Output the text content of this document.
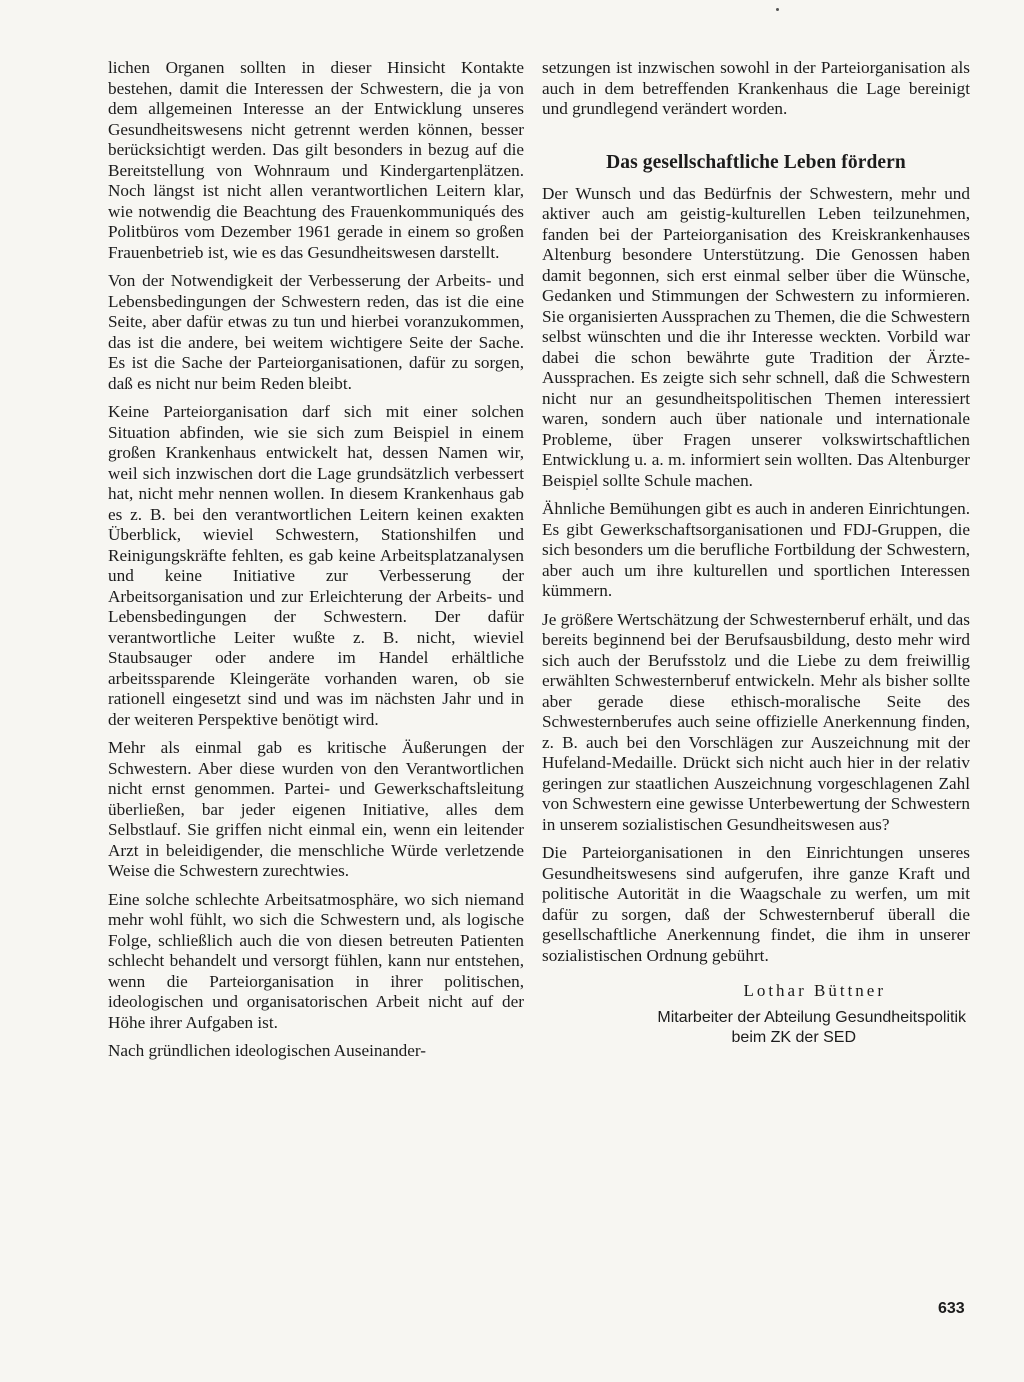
lichen Organen sollten in dieser Hinsicht Kontakte bestehen, damit die Interessen der Schwestern, die ja von dem allgemeinen Interesse an der Entwicklung unseres Gesundheitswesens nicht getrennt werden können, besser berücksichtigt werden. Das gilt besonders in bezug auf die Bereitstellung von Wohnraum und Kindergartenplätzen. Noch längst ist nicht allen verantwortlichen Leitern klar, wie notwendig die Beachtung des Frauenkommuniqués des Politbüros vom Dezember 1961 gerade in einem so großen Frauenbetrieb ist, wie es das Gesundheitswesen darstellt.

Von der Notwendigkeit der Verbesserung der Arbeits- und Lebensbedingungen der Schwestern reden, das ist die eine Seite, aber dafür etwas zu tun und hierbei voranzukommen, das ist die andere, bei weitem wichtigere Seite der Sache. Es ist die Sache der Parteiorganisationen, dafür zu sorgen, daß es nicht nur beim Reden bleibt.

Keine Parteiorganisation darf sich mit einer solchen Situation abfinden, wie sie sich zum Beispiel in einem großen Krankenhaus entwickelt hat, dessen Namen wir, weil sich inzwischen dort die Lage grundsätzlich verbessert hat, nicht mehr nennen wollen. In diesem Krankenhaus gab es z. B. bei den verantwortlichen Leitern keinen exakten Überblick, wieviel Schwestern, Stationshilfen und Reinigungskräfte fehlten, es gab keine Arbeitsplatzanalysen und keine Initiative zur Verbesserung der Arbeitsorganisation und zur Erleichterung der Arbeits- und Lebensbedingungen der Schwestern. Der dafür verantwortliche Leiter wußte z. B. nicht, wieviel Staubsauger oder andere im Handel erhältliche arbeitssparende Kleingeräte vorhanden waren, ob sie rationell eingesetzt sind und was im nächsten Jahr und in der weiteren Perspektive benötigt wird.

Mehr als einmal gab es kritische Äußerungen der Schwestern. Aber diese wurden von den Verantwortlichen nicht ernst genommen. Partei- und Gewerkschaftsleitung überließen, bar jeder eigenen Initiative, alles dem Selbstlauf. Sie griffen nicht einmal ein, wenn ein leitender Arzt in beleidigender, die menschliche Würde verletzende Weise die Schwestern zurechtwies.

Eine solche schlechte Arbeitsatmosphäre, wo sich niemand mehr wohl fühlt, wo sich die Schwestern und, als logische Folge, schließlich auch die von diesen betreuten Patienten schlecht behandelt und versorgt fühlen, kann nur entstehen, wenn die Parteiorganisation in ihrer politischen, ideologischen und organisatorischen Arbeit nicht auf der Höhe ihrer Aufgaben ist.

Nach gründlichen ideologischen Auseinander-

setzungen ist inzwischen sowohl in der Parteiorganisation als auch in dem betreffenden Krankenhaus die Lage bereinigt und grundlegend verändert worden.

Das gesellschaftliche Leben fördern

Der Wunsch und das Bedürfnis der Schwestern, mehr und aktiver auch am geistig-kulturellen Leben teilzunehmen, fanden bei der Parteiorganisation des Kreiskrankenhauses Altenburg besondere Unterstützung. Die Genossen haben damit begonnen, sich erst einmal selber über die Wünsche, Gedanken und Stimmungen der Schwestern zu informieren. Sie organisierten Aussprachen zu Themen, die die Schwestern selbst wünschten und die ihr Interesse weckten. Vorbild war dabei die schon bewährte gute Tradition der Ärzte-Aussprachen. Es zeigte sich sehr schnell, daß die Schwestern nicht nur an gesundheitspolitischen Themen interessiert waren, sondern auch über nationale und internationale Probleme, über Fragen unserer volkswirtschaftlichen Entwicklung u. a. m. informiert sein wollten. Das Altenburger Beispiel sollte Schule machen.

Ähnliche Bemühungen gibt es auch in anderen Einrichtungen. Es gibt Gewerkschaftsorganisationen und FDJ-Gruppen, die sich besonders um die berufliche Fortbildung der Schwestern, aber auch um ihre kulturellen und sportlichen Interessen kümmern.

Je größere Wertschätzung der Schwesternberuf erhält, und das bereits beginnend bei der Berufsausbildung, desto mehr wird sich auch der Berufsstolz und die Liebe zu dem freiwillig erwählten Schwesternberuf entwickeln. Mehr als bisher sollte aber gerade diese ethisch-moralische Seite des Schwesternberufes auch seine offizielle Anerkennung finden, z. B. auch bei den Vorschlägen zur Auszeichnung mit der Hufeland-Medaille. Drückt sich nicht auch hier in der relativ geringen zur staatlichen Auszeichnung vorgeschlagenen Zahl von Schwestern eine gewisse Unterbewertung der Schwestern in unserem sozialistischen Gesundheitswesen aus?

Die Parteiorganisationen in den Einrichtungen unseres Gesundheitswesens sind aufgerufen, ihre ganze Kraft und politische Autorität in die Waagschale zu werfen, um mit dafür zu sorgen, daß der Schwesternberuf überall die gesellschaftliche Anerkennung findet, die ihm in unserer sozialistischen Ordnung gebührt.

Lothar Büttner
Mitarbeiter der Abteilung Gesundheitspolitik
beim ZK der SED
633
